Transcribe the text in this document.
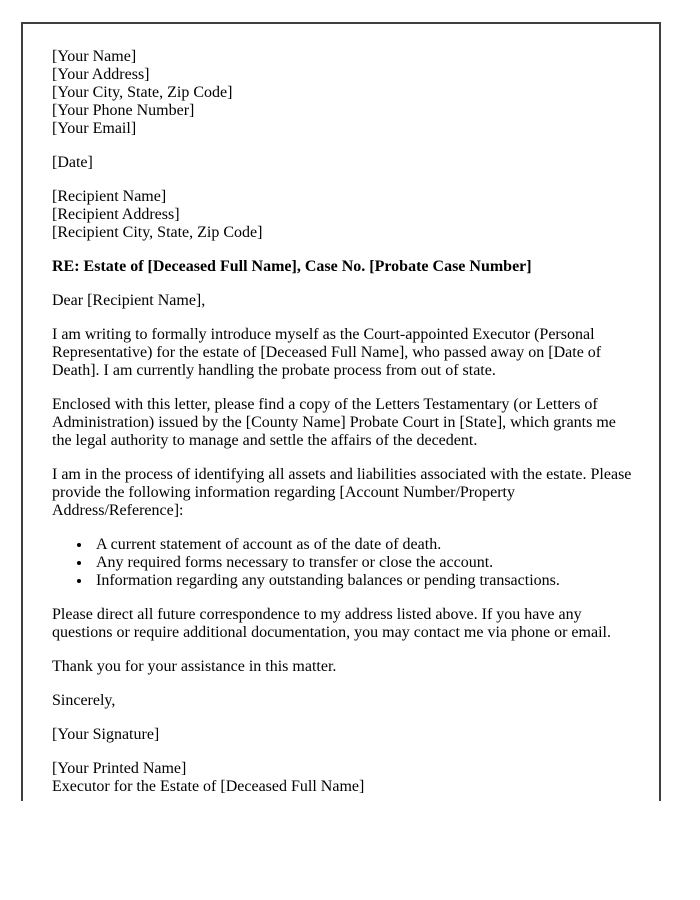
[Your Name]
[Your Address]
[Your City, State, Zip Code]
[Your Phone Number]
[Your Email]

[Date]

[Recipient Name]
[Recipient Address]
[Recipient City, State, Zip Code]

RE: Estate of [Deceased Full Name], Case No. [Probate Case Number]

Dear [Recipient Name],

I am writing to formally introduce myself as the Court-appointed Executor (Personal Representative) for the estate of [Deceased Full Name], who passed away on [Date of Death]. I am currently handling the probate process from out of state.

Enclosed with this letter, please find a copy of the Letters Testamentary (or Letters of Administration) issued by the [County Name] Probate Court in [State], which grants me the legal authority to manage and settle the affairs of the decedent.

I am in the process of identifying all assets and liabilities associated with the estate. Please provide the following information regarding [Account Number/Property Address/Reference]:

• A current statement of account as of the date of death.
• Any required forms necessary to transfer or close the account.
• Information regarding any outstanding balances or pending transactions.

Please direct all future correspondence to my address listed above. If you have any questions or require additional documentation, you may contact me via phone or email.

Thank you for your assistance in this matter.

Sincerely,

[Your Signature]

[Your Printed Name]
Executor for the Estate of [Deceased Full Name]
